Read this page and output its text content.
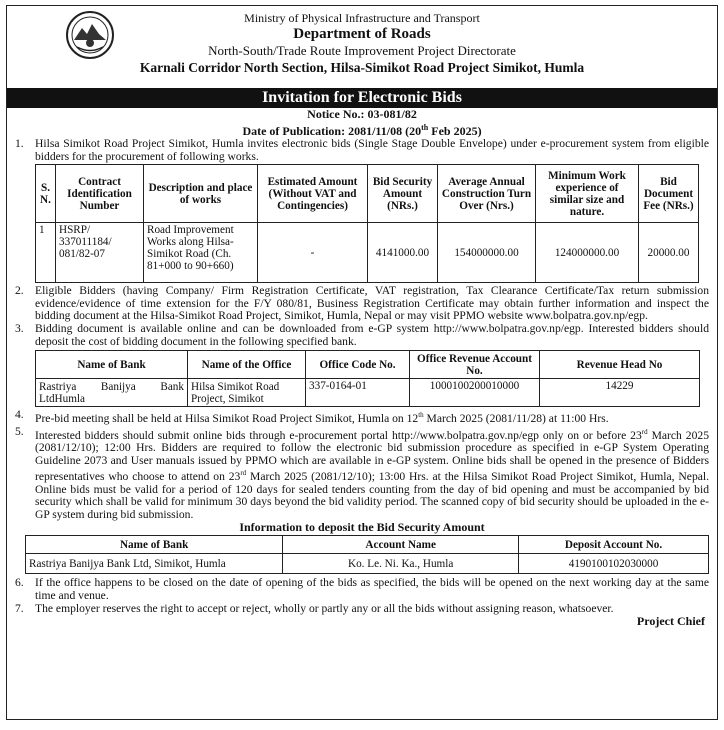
Ministry of Physical Infrastructure and Transport
Department of Roads
North-South/Trade Route Improvement Project Directorate
Karnali Corridor North Section, Hilsa-Simikot Road Project Simikot, Humla
Invitation for Electronic Bids
Notice No.: 03-081/82
Date of Publication: 2081/11/08 (20th Feb 2025)
1. Hilsa Simikot Road Project Simikot, Humla invites electronic bids (Single Stage Double Envelope) under e-procurement system from eligible bidders for the procurement of following works.
S. N.	Contract Identification Number	Description and place of works	Estimated Amount (Without VAT and Contingencies)	Bid Security Amount (NRs.)	Average Annual Construction Turn Over (Nrs.)	Minimum Work experience of similar size and nature.	Bid Document Fee (NRs.)
1	HSRP/ 337011184/ 081/82-07	Road Improvement Works along Hilsa-Simikot Road (Ch. 81+000 to 90+660)	-	4141000.00	154000000.00	124000000.00	20000.00
2. Eligible Bidders (having Company/ Firm Registration Certificate, VAT registration, Tax Clearance Certificate/Tax return submission evidence/evidence of time extension for the F/Y 080/81, Business Registration Certificate may obtain further information and inspect the bidding document at the Hilsa-Simikot Road Project, Simikot, Humla, Nepal or may visit PPMO website www.bolpatra.gov.np/egp.
3. Bidding document is available online and can be downloaded from e-GP system http://www.bolpatra.gov.np/egp. Interested bidders should deposit the cost of bidding document in the following specified bank.
Name of Bank	Name of the Office	Office Code No.	Office Revenue Account No.	Revenue Head No
Rastriya Banijya Bank LtdHumla	Hilsa Simikot Road Project, Simikot	337-0164-01	1000100200010000	14229
4. Pre-bid meeting shall be held at Hilsa Simikot Road Project Simikot, Humla on 12th March 2025 (2081/11/28) at 11:00 Hrs.
5. Interested bidders should submit online bids through e-procurement portal http://www.bolpatra.gov.np/egp only on or before 23rd March 2025 (2081/12/10); 12:00 Hrs. Bidders are required to follow the electronic bid submission procedure as specified in e-GP System Operating Guideline 2073 and User manuals issued by PPMO which are available in e-GP system. Online bids shall be opened in the presence of Bidders representatives who choose to attend on 23rd March 2025 (2081/12/10); 13:00 Hrs. at the Hilsa Simikot Road Project Simikot, Humla, Nepal. Online bids must be valid for a period of 120 days for sealed tenders counting from the day of bid opening and must be accompanied by bid security which shall be valid for minimum 30 days beyond the bid validity period. The scanned copy of bid security should be uploaded in the e-GP system during bid submission.
Information to deposit the Bid Security Amount
Name of Bank	Account Name	Deposit Account No.
Rastriya Banijya Bank Ltd, Simikot, Humla	Ko. Le. Ni. Ka., Humla	4190100102030000
6. If the office happens to be closed on the date of opening of the bids as specified, the bids will be opened on the next working day at the same time and venue.
7. The employer reserves the right to accept or reject, wholly or partly any or all the bids without assigning reason, whatsoever.
Project Chief
